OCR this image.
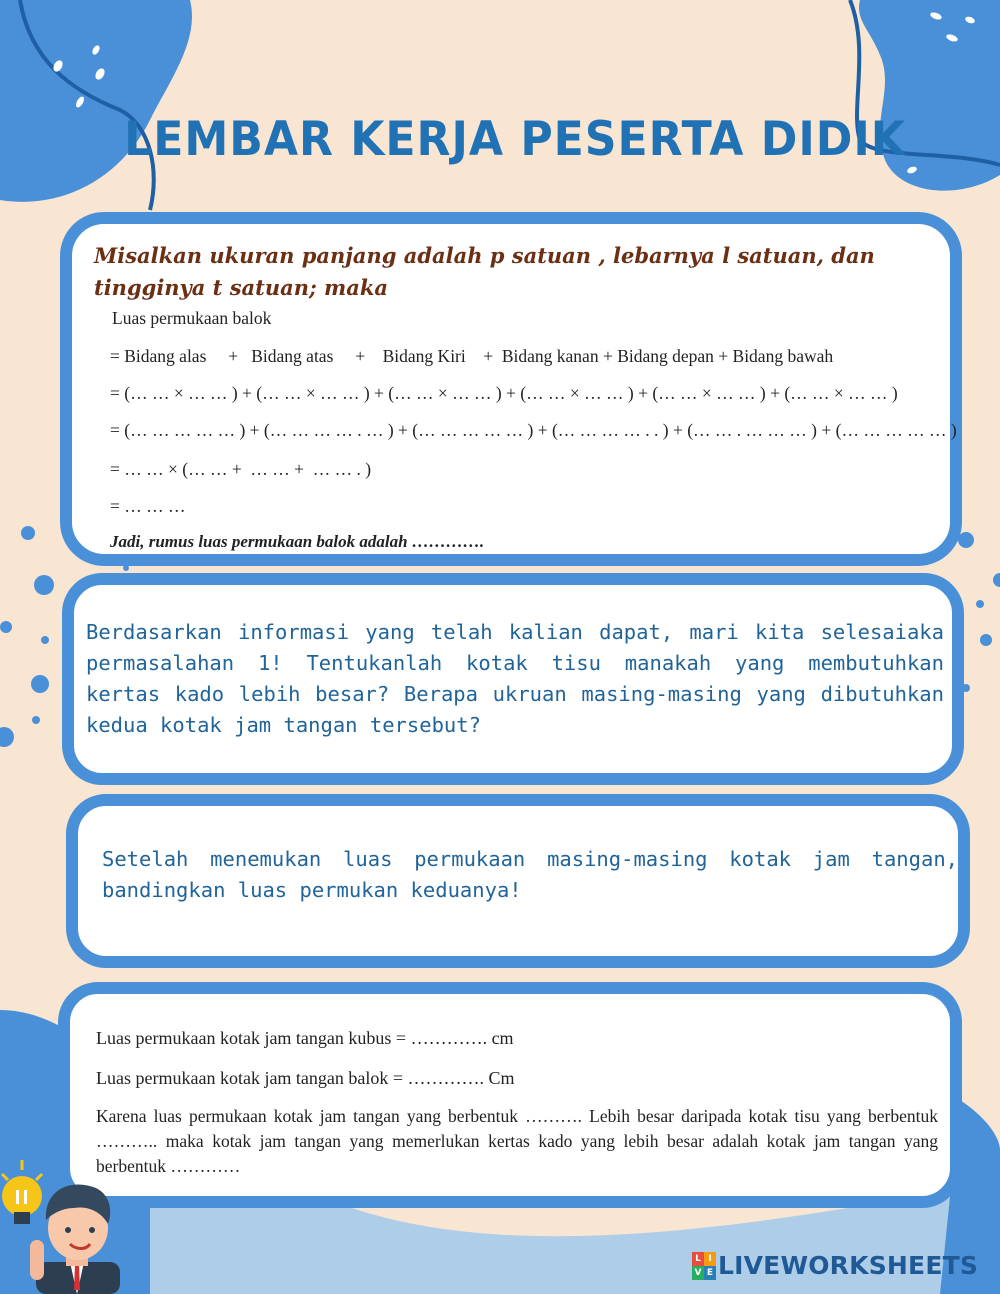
LEMBAR KERJA PESERTA DIDIK

Misalkan ukuran panjang adalah p satuan , lebarnya l satuan, dan tingginya t satuan; maka

Luas permukaan balok

= Bidang alas     +   Bidang atas     +    Bidang Kiri    +  Bidang kanan + Bidang depan + Bidang bawah

= (… … × … … ) + (… … × … … ) + (… … × … … ) + (… … × … … ) + (… … × … … ) + (… … × … … )

= (… … … … … ) + (… … … … . … ) + (… … … … … ) + (… … … … . . ) + (… … . … … … ) + (… … … … … )

= … … × (… … +  … … +  … … . )

= … … …

Jadi, rumus luas permukaan balok adalah ………….

Berdasarkan informasi yang telah kalian dapat, mari kita selesaiaka permasalahan 1! Tentukanlah kotak tisu manakah yang membutuhkan kertas kado lebih besar? Berapa ukruan masing-masing yang dibutuhkan kedua kotak jam tangan tersebut?

Setelah menemukan luas permukaan masing-masing kotak jam tangan, bandingkan luas permukan keduanya!

Luas permukaan kotak jam tangan kubus = …………. cm

Luas permukaan kotak jam tangan balok = …………. Cm

Karena luas permukaan kotak jam tangan yang berbentuk ………. Lebih besar daripada kotak tisu yang berbentuk ……….. maka kotak jam tangan yang memerlukan kertas kado yang lebih besar adalah kotak jam tangan yang berbentuk …………

L I
V E LIVEWORKSHEETS
